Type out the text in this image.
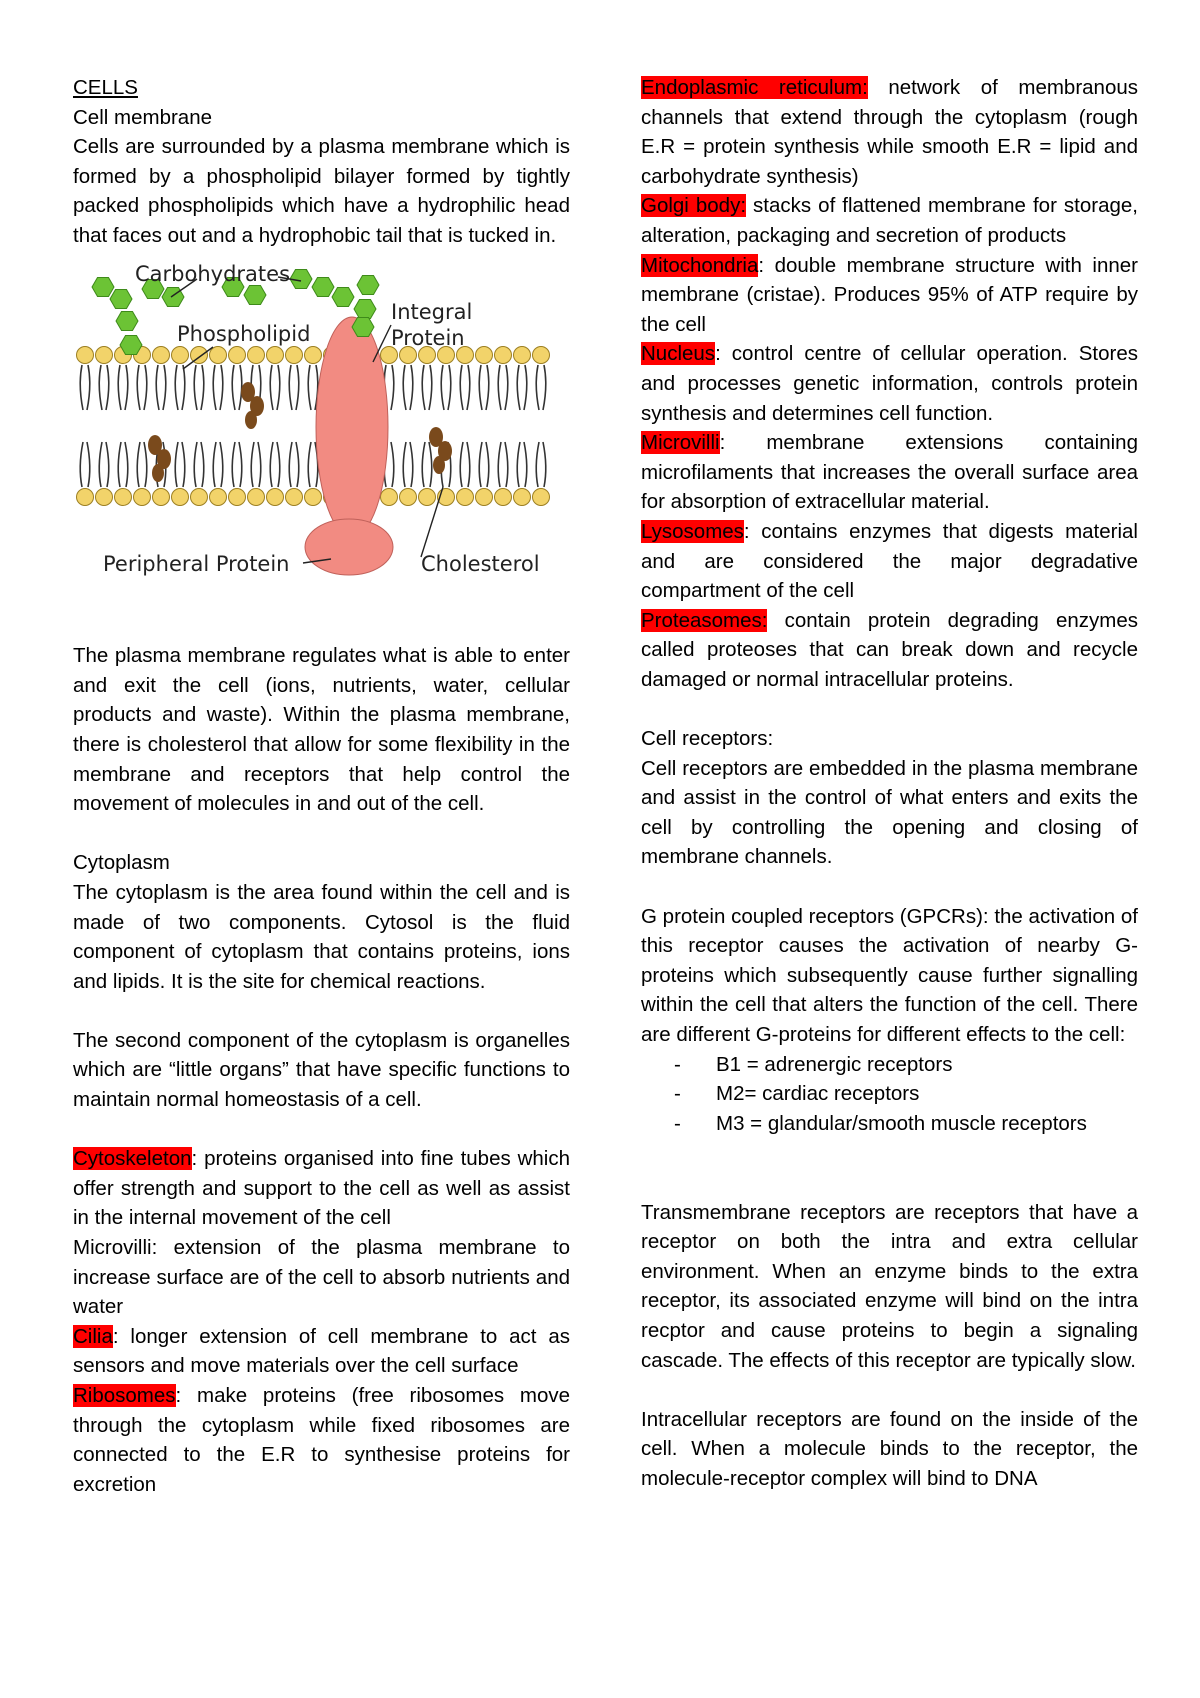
CELLS

Cell membrane

Cells are surrounded by a plasma membrane which is formed by a phospholipid bilayer formed by tightly packed phospholipids which have a hydrophilic head that faces out and a hydrophobic tail that is tucked in.

Carbohydrates
Integral
Protein
Phospholipid
Peripheral Protein	Cholesterol

The plasma membrane regulates what is able to enter and exit the cell (ions, nutrients, water, cellular products and waste). Within the plasma membrane, there is cholesterol that allow for some flexibility in the membrane and receptors that help control the movement of molecules in and out of the cell.

Cytoplasm

The cytoplasm is the area found within the cell and is made of two components. Cytosol is the fluid component of cytoplasm that contains proteins, ions and lipids. It is the site for chemical reactions.

The second component of the cytoplasm is organelles which are “little organs” that have specific functions to maintain normal homeostasis of a cell.

Cytoskeleton: proteins organised into fine tubes which offer strength and support to the cell as well as assist in the internal movement of the cell

Microvilli: extension of the plasma membrane to increase surface are of the cell to absorb nutrients and water

Cilia: longer extension of cell membrane to act as sensors and move materials over the cell surface

Ribosomes: make proteins (free ribosomes move through the cytoplasm while fixed ribosomes are connected to the E.R to synthesise proteins for excretion

Endoplasmic reticulum: network of membranous channels that extend through the cytoplasm (rough E.R = protein synthesis while smooth E.R = lipid and carbohydrate synthesis)

Golgi body: stacks of flattened membrane for storage, alteration, packaging and secretion of products

Mitochondria: double membrane structure with inner membrane (cristae). Produces 95% of ATP require by the cell

Nucleus: control centre of cellular operation. Stores and processes genetic information, controls protein synthesis and determines cell function.

Microvilli: membrane extensions containing microfilaments that increases the overall surface area for absorption of extracellular material.

Lysosomes: contains enzymes that digests material and are considered the major degradative compartment of the cell

Proteasomes: contain protein degrading enzymes called proteoses that can break down and recycle damaged or normal intracellular proteins.

Cell receptors:

Cell receptors are embedded in the plasma membrane and assist in the control of what enters and exits the cell by controlling the opening and closing of membrane channels.

G protein coupled receptors (GPCRs): the activation of this receptor causes the activation of nearby G-proteins which subsequently cause further signalling within the cell that alters the function of the cell. There are different G-proteins for different effects to the cell:

- B1 = adrenergic receptors
- M2= cardiac receptors
- M3 = glandular/smooth muscle receptors

Transmembrane receptors are receptors that have a receptor on both the intra and extra cellular environment. When an enzyme binds to the extra receptor, its associated enzyme will bind on the intra recptor and cause proteins to begin a signaling cascade. The effects of this receptor are typically slow.

Intracellular receptors are found on the inside of the cell. When a molecule binds to the receptor, the molecule-receptor complex will bind to DNA
